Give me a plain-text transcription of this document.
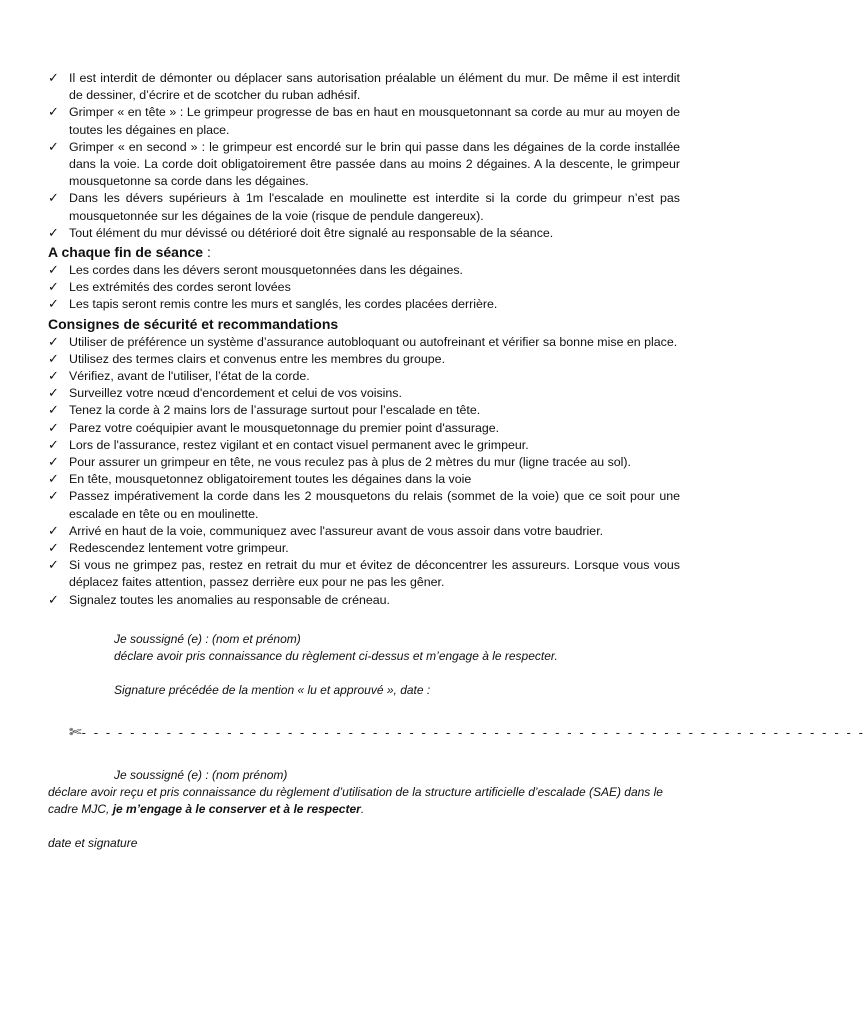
✓ Il est interdit de démonter ou déplacer sans autorisation préalable un élément du mur. De même il est interdit de dessiner, d’écrire et de scotcher du ruban adhésif.
✓ Grimper « en tête » : Le grimpeur progresse de bas en haut en mousquetonnant sa corde au mur au moyen de toutes les dégaines en place.
✓ Grimper « en second » : le grimpeur est encordé sur le brin qui passe dans les dégaines de la corde installée dans la voie. La corde doit obligatoirement être passée dans au moins 2 dégaines. A la descente, le grimpeur mousquetonne sa corde dans les dégaines.
✓ Dans les dévers supérieurs à 1m l'escalade en moulinette est interdite si la corde du grimpeur n’est pas mousquetonnée sur les dégaines de la voie (risque de pendule dangereux).
✓ Tout élément du mur dévissé ou détérioré doit être signalé au responsable de la séance.
A chaque fin de séance :
✓ Les cordes dans les dévers seront mousquetonnées dans les dégaines.
✓ Les extrémités des cordes seront lovées
✓ Les tapis seront remis contre les murs et sanglés, les cordes placées derrière.
Consignes de sécurité et recommandations
✓ Utiliser de préférence un système d’assurance autobloquant ou autofreinant et vérifier sa bonne mise en place.
✓ Utilisez des termes clairs et convenus entre les membres du groupe.
✓ Vérifiez, avant de l'utiliser, l’état de la corde.
✓ Surveillez votre nœud d'encordement et celui de vos voisins.
✓ Tenez la corde à 2 mains lors de l’assurage surtout pour l’escalade en tête.
✓ Parez votre coéquipier avant le mousquetonnage du premier point d'assurage.
✓ Lors de l'assurance, restez vigilant et en contact visuel permanent avec le grimpeur.
✓ Pour assurer un grimpeur en tête, ne vous reculez pas à plus de 2 mètres du mur (ligne tracée au sol).
✓ En tête, mousquetonnez obligatoirement toutes les dégaines dans la voie
✓ Passez impérativement la corde dans les 2 mousquetons du relais (sommet de la voie) que ce soit pour une escalade en tête ou en moulinette.
✓ Arrivé en haut de la voie, communiquez avec l'assureur avant de vous assoir dans votre baudrier.
✓ Redescendez lentement votre grimpeur.
✓ Si vous ne grimpez pas, restez en retrait du mur et évitez de déconcentrer les assureurs. Lorsque vous vous déplacez faites attention, passez derrière eux pour ne pas les gêner.
✓ Signalez toutes les anomalies au responsable de créneau.

Je soussigné (e) : (nom et prénom)

déclare avoir pris connaissance du règlement ci-dessus et m’engage à le respecter.

Signature précédée de la mention « lu et approuvé », date :

✄- - - - - - - - - - - - - - - - - - - - - - - - - - - - - - - - - - - - - - - - - - - - - - - - - - - - - - - - - - - - - - - - -

Je soussigné (e) : (nom prénom)

déclare avoir reçu et pris connaissance du règlement d’utilisation de la structure artificielle d’escalade (SAE) dans le cadre MJC, je m’engage à le conserver et à le respecter.

date et signature
